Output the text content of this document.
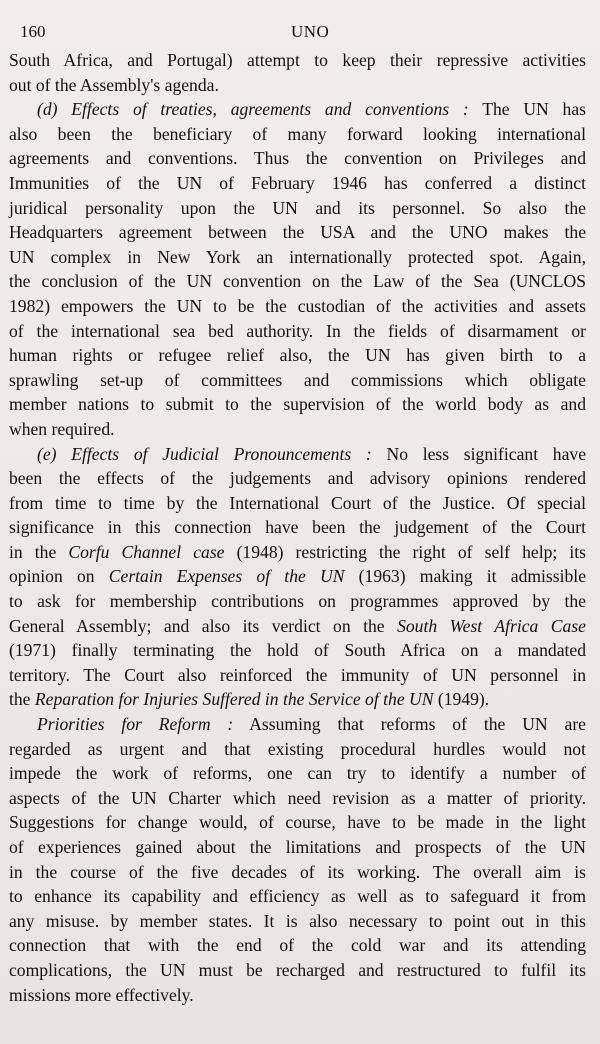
160	UNO

South Africa, and Portugal) attempt to keep their repressive activities
out of the Assembly's agenda.

(d) Effects of treaties, agreements and conventions : The UN has
also been the beneficiary of many forward looking international
agreements and conventions. Thus the convention on Privileges and
Immunities of the UN of February 1946 has conferred a distinct
juridical personality upon the UN and its personnel. So also the
Headquarters agreement between the USA and the UNO makes the
UN complex in New York an internationally protected spot. Again,
the conclusion of the UN convention on the Law of the Sea (UNCLOS
1982) empowers the UN to be the custodian of the activities and assets
of the international sea bed authority. In the fields of disarmament or
human rights or refugee relief also, the UN has given birth to a
sprawling set-up of committees and commissions which obligate
member nations to submit to the supervision of the world body as and
when required.

(e) Effects of Judicial Pronouncements : No less significant have
been the effects of the judgements and advisory opinions rendered
from time to time by the International Court of the Justice. Of special
significance in this connection have been the judgement of the Court
in the Corfu Channel case (1948) restricting the right of self help; its
opinion on Certain Expenses of the UN (1963) making it admissible
to ask for membership contributions on programmes approved by the
General Assembly; and also its verdict on the South West Africa Case
(1971) finally terminating the hold of South Africa on a mandated
territory. The Court also reinforced the immunity of UN personnel in
the Reparation for Injuries Suffered in the Service of the UN (1949).

Priorities for Reform : Assuming that reforms of the UN are
regarded as urgent and that existing procedural hurdles would not
impede the work of reforms, one can try to identify a number of
aspects of the UN Charter which need revision as a matter of priority.
Suggestions for change would, of course, have to be made in the light
of experiences gained about the limitations and prospects of the UN
in the course of the five decades of its working. The overall aim is
to enhance its capability and efficiency as well as to safeguard it from
any misuse. by member states. It is also necessary to point out in this
connection that with the end of the cold war and its attending
complications, the UN must be recharged and restructured to fulfil its
missions more effectively.
